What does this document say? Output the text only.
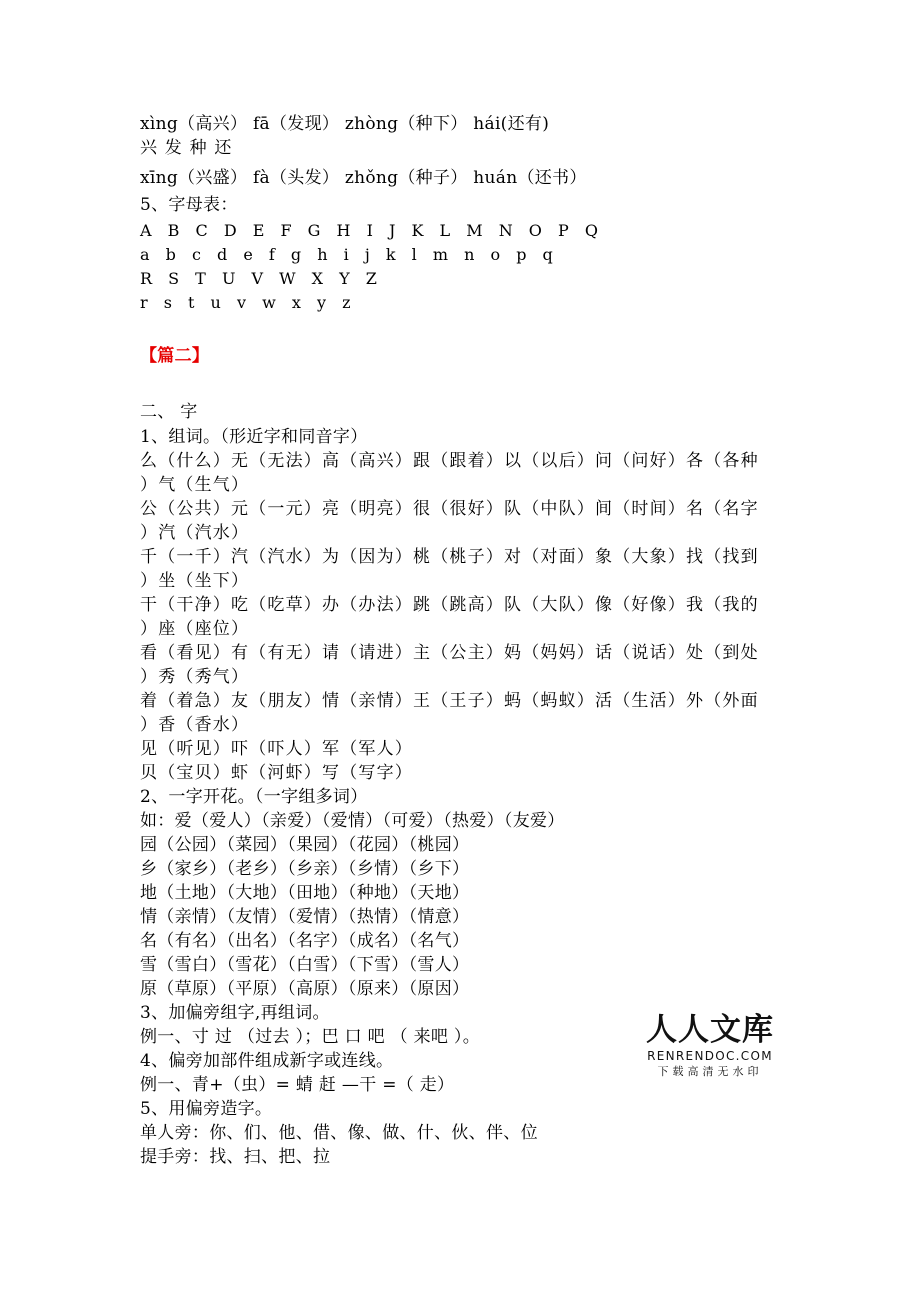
xìng（高兴） fā（发现） zhòng（种下） hái(还有)
兴 发 种 还
xīng（兴盛） fà（头发） zhǒng（种子） huán（还书）
5、字母表：
A B C D E F G H I J K L M N O P Q
a b c d e f g h i j k l m n o p q
R S T U V W X Y Z
r s t u v w x y z
【篇二】
二、 字
1、组词。（形近字和同音字）
么（什么）无（无法）高（高兴）跟（跟着）以（以后）问（问好）各（各种
）气（生气）
公（公共）元（一元）亮（明亮）很（很好）队（中队）间（时间）名（名字
）汽（汽水）
千（一千）汽（汽水）为（因为）桃（桃子）对（对面）象（大象）找（找到
）坐（坐下）
干（干净）吃（吃草）办（办法）跳（跳高）队（大队）像（好像）我（我的
）座（座位）
看（看见）有（有无）请（请进）主（公主）妈（妈妈）话（说话）处（到处
）秀（秀气）
着（着急）友（朋友）情（亲情）王（王子）蚂（蚂蚁）活（生活）外（外面
）香（香水）
见（听见）吓（吓人）军（军人）
贝（宝贝）虾（河虾）写（写字）
2、一字开花。（一字组多词）
如：爱（爱人）（亲爱）（爱情）（可爱）（热爱）（友爱）
园（公园）（菜园）（果园）（花园）（桃园）
乡（家乡）（老乡）（乡亲）（乡情）（乡下）
地（土地）（大地）（田地）（种地）（天地）
情（亲情）（友情）（爱情）（热情）（情意）
名（有名）（出名）（名字）（成名）（名气）
雪（雪白）（雪花）（白雪）（下雪）（雪人）
原（草原）（平原）（高原）（原来）（原因）
3、加偏旁组字,再组词。
例一、寸 过 （过去 ）；巴 口 吧 （ 来吧 ）。
4、偏旁加部件组成新字或连线。
例一、青+（虫）= 蜻 赶 —干 =（ 走）
5、用偏旁造字。
单人旁：你、们、他、借、像、做、什、伙、伴、位
提手旁：找、扫、把、拉
人人文库
RENRENDOC.COM
下载高清无水印
